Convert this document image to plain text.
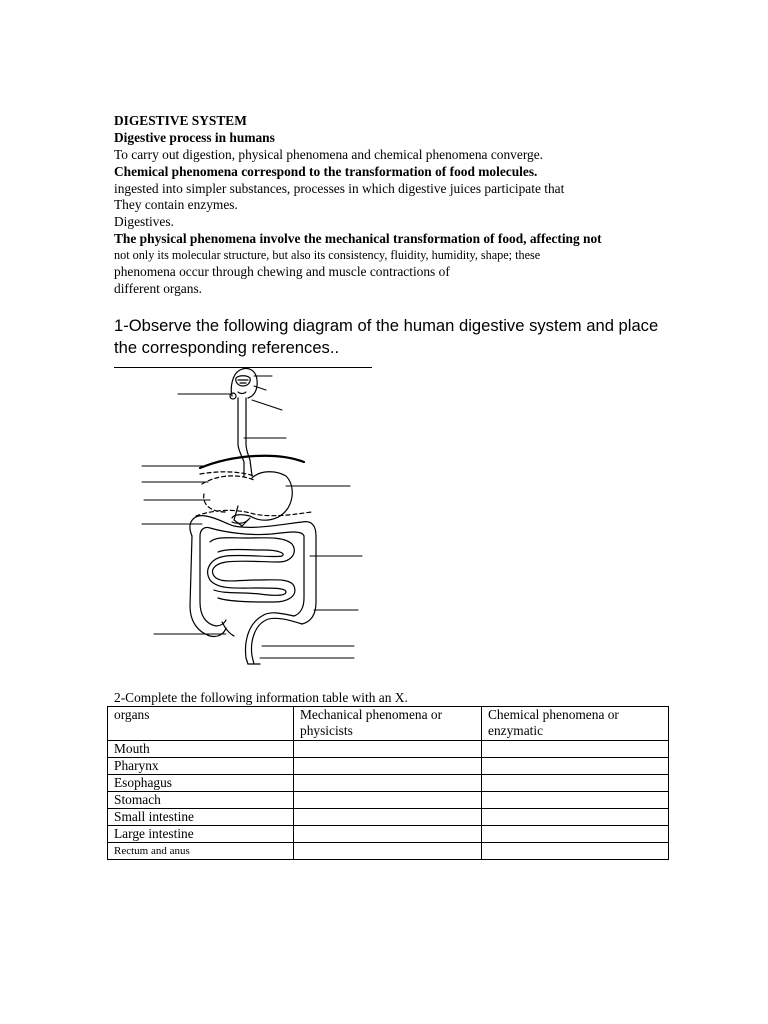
DIGESTIVE SYSTEM
Digestive process in humans
To carry out digestion, physical phenomena and chemical phenomena converge.
Chemical phenomena correspond to the transformation of food molecules.
ingested into simpler substances, processes in which digestive juices participate that
They contain enzymes.
Digestives.
The physical phenomena involve the mechanical transformation of food, affecting not
not only its molecular structure, but also its consistency, fluidity, humidity, shape; these
phenomena occur through chewing and muscle contractions of
different organs.
1-Observe the following diagram of the human digestive system and place the corresponding references..
2-Complete the following information table with an X.
organs	Mechanical phenomena or physicists	Chemical phenomena or enzymatic
Mouth		
Pharynx		
Esophagus		
Stomach		
Small intestine		
Large intestine		
Rectum and anus		
